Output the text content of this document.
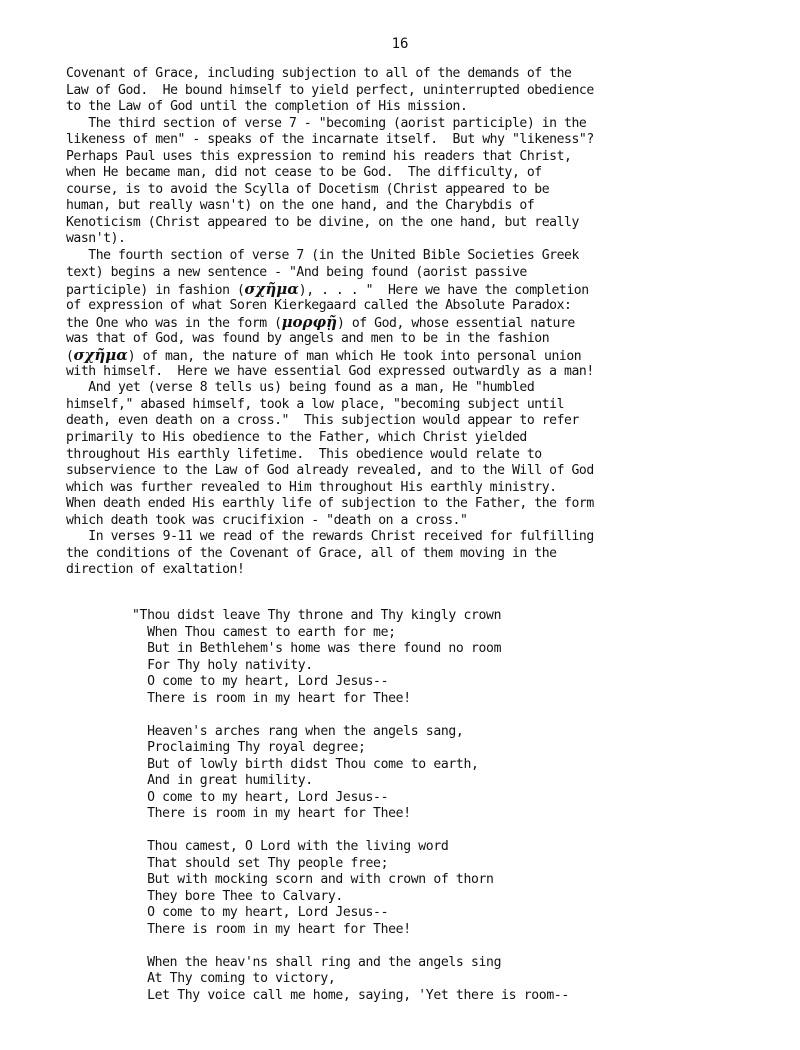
16
Covenant of Grace, including subjection to all of the demands of the
Law of God.  He bound himself to yield perfect, uninterrupted obedience
to the Law of God until the completion of His mission.
The third section of verse 7 - "becoming (aorist participle) in the
likeness of men" - speaks of the incarnate itself.  But why "likeness"?
Perhaps Paul uses this expression to remind his readers that Christ,
when He became man, did not cease to be God.  The difficulty, of
course, is to avoid the Scylla of Docetism (Christ appeared to be
human, but really wasn't) on the one hand, and the Charybdis of
Kenoticism (Christ appeared to be divine, on the one hand, but really
wasn't).
The fourth section of verse 7 (in the United Bible Societies Greek
text) begins a new sentence - "And being found (aorist passive
participle) in fashion (σχῆμα), . . . "  Here we have the completion
of expression of what Soren Kierkegaard called the Absolute Paradox:
the One who was in the form (μορφῇ) of God, whose essential nature
was that of God, was found by angels and men to be in the fashion
(σχῆμα) of man, the nature of man which He took into personal union
with himself.  Here we have essential God expressed outwardly as a man!
And yet (verse 8 tells us) being found as a man, He "humbled
himself," abased himself, took a low place, "becoming subject until
death, even death on a cross."  This subjection would appear to refer
primarily to His obedience to the Father, which Christ yielded
throughout His earthly lifetime.  This obedience would relate to
subservience to the Law of God already revealed, and to the Will of God
which was further revealed to Him throughout His earthly ministry.
When death ended His earthly life of subjection to the Father, the form
which death took was crucifixion - "death on a cross."
In verses 9-11 we read of the rewards Christ received for fulfilling
the conditions of the Covenant of Grace, all of them moving in the
direction of exaltation!
"Thou didst leave Thy throne and Thy kingly crown
When Thou camest to earth for me;
But in Bethlehem's home was there found no room
For Thy holy nativity.
O come to my heart, Lord Jesus--
There is room in my heart for Thee!
Heaven's arches rang when the angels sang,
Proclaiming Thy royal degree;
But of lowly birth didst Thou come to earth,
And in great humility.
O come to my heart, Lord Jesus--
There is room in my heart for Thee!
Thou camest, O Lord with the living word
That should set Thy people free;
But with mocking scorn and with crown of thorn
They bore Thee to Calvary.
O come to my heart, Lord Jesus--
There is room in my heart for Thee!
When the heav'ns shall ring and the angels sing
At Thy coming to victory,
Let Thy voice call me home, saying, 'Yet there is room--
